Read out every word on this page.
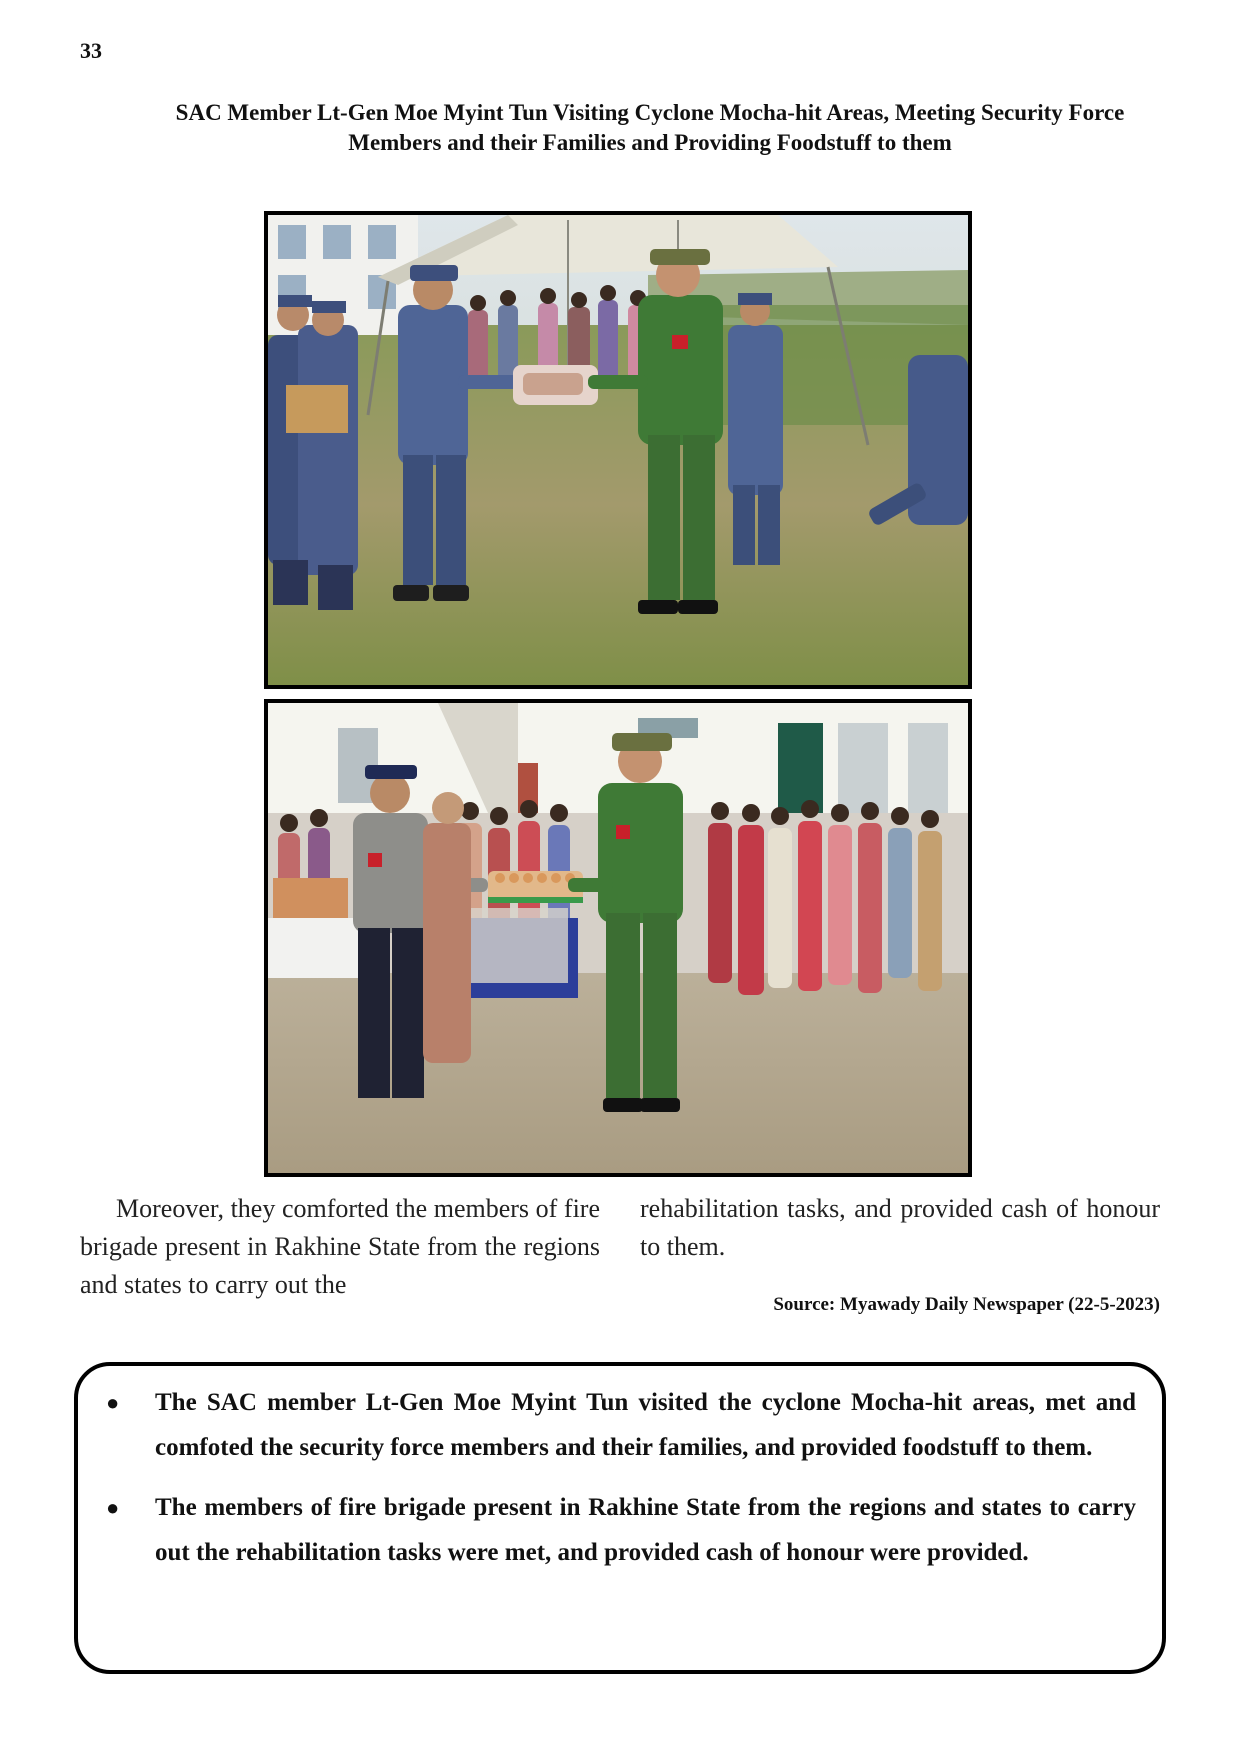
33
SAC Member Lt-Gen Moe Myint Tun Visiting Cyclone Mocha-hit Areas, Meeting Security Force Members and their Families and Providing Foodstuff to them
Moreover, they comforted the members of fire brigade present in Rakhine State from the regions and states to carry out the
rehabilitation tasks, and provided cash of honour to them.
Source: Myawady Daily Newspaper (22-5-2023)
● The SAC member Lt-Gen Moe Myint Tun visited the cyclone Mocha-hit areas, met and comfoted the security force members and their families, and provided foodstuff to them.
● The members of fire brigade present in Rakhine State from the regions and states to carry out the rehabilitation tasks were met, and provided cash of honour were provided.
